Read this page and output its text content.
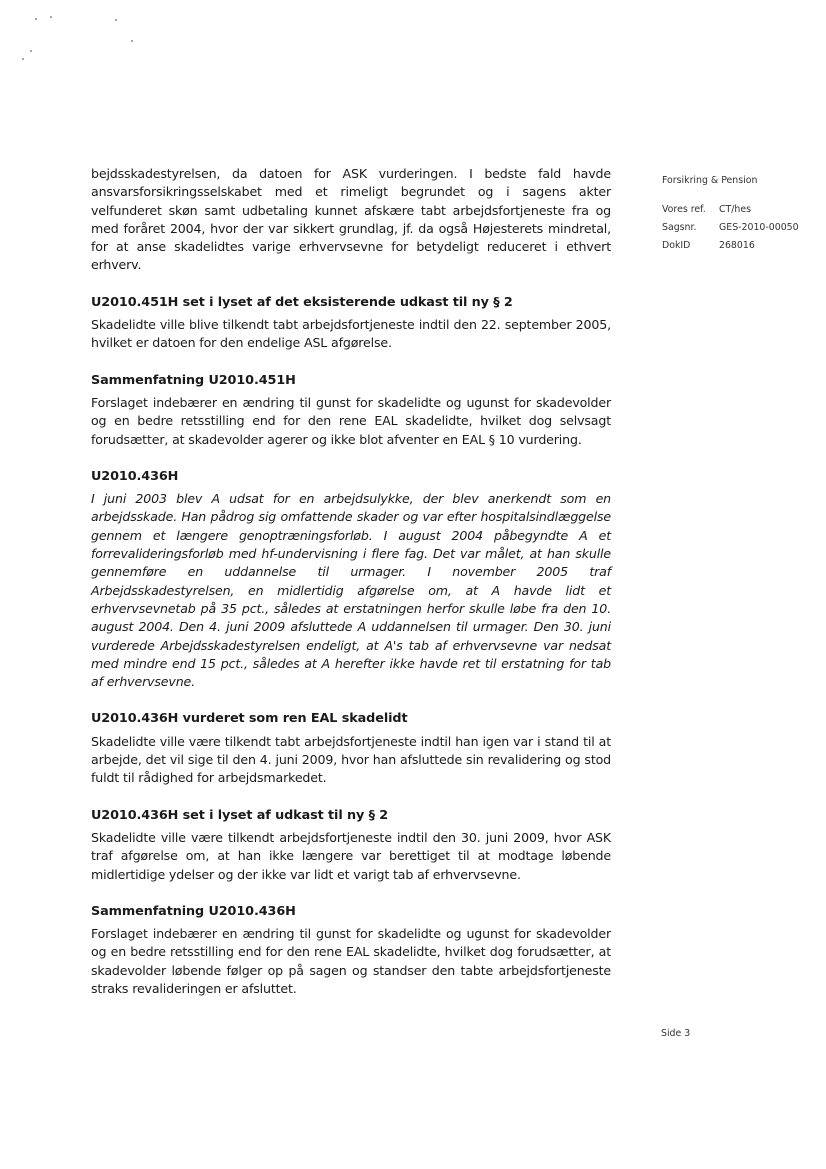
bejdsskadestyrelsen, da datoen for ASK vurderingen. I bedste fald havde ansvarsforsikringsselskabet med et rimeligt begrundet og i sagens akter velfunderet skøn samt udbetaling kunnet afskære tabt arbejdsfortjeneste fra og med foråret 2004, hvor der var sikkert grundlag, jf. da også Højesterets mindretal, for at anse skadelidtes varige erhvervsevne for betydeligt reduceret i ethvert erhverv.

U2010.451H set i lyset af det eksisterende udkast til ny § 2

Skadelidte ville blive tilkendt tabt arbejdsfortjeneste indtil den 22. september 2005, hvilket er datoen for den endelige ASL afgørelse.

Sammenfatning U2010.451H

Forslaget indebærer en ændring til gunst for skadelidte og ugunst for skadevolder og en bedre retsstilling end for den rene EAL skadelidte, hvilket dog selvsagt forudsætter, at skadevolder agerer og ikke blot afventer en EAL § 10 vurdering.

U2010.436H

I juni 2003 blev A udsat for en arbejdsulykke, der blev anerkendt som en arbejdsskade. Han pådrog sig omfattende skader og var efter hospitalsindlæggelse gennem et længere genoptræningsforløb. I august 2004 påbegyndte A et forrevalideringsforløb med hf-undervisning i flere fag. Det var målet, at han skulle gennemføre en uddannelse til urmager. I november 2005 traf Arbejdsskadestyrelsen, en midlertidig afgørelse om, at A havde lidt et erhvervsevnetab på 35 pct., således at erstatningen herfor skulle løbe fra den 10. august 2004. Den 4. juni 2009 afsluttede A uddannelsen til urmager. Den 30. juni vurderede Arbejdsskadestyrelsen endeligt, at A's tab af erhvervsevne var nedsat med mindre end 15 pct., således at A herefter ikke havde ret til erstatning for tab af erhvervsevne.

U2010.436H vurderet som ren EAL skadelidt

Skadelidte ville være tilkendt tabt arbejdsfortjeneste indtil han igen var i stand til at arbejde, det vil sige til den 4. juni 2009, hvor han afsluttede sin revalidering og stod fuldt til rådighed for arbejdsmarkedet.

U2010.436H set i lyset af udkast til ny § 2

Skadelidte ville være tilkendt arbejdsfortjeneste indtil den 30. juni 2009, hvor ASK traf afgørelse om, at han ikke længere var berettiget til at modtage løbende midlertidige ydelser og der ikke var lidt et varigt tab af erhvervsevne.

Sammenfatning U2010.436H

Forslaget indebærer en ændring til gunst for skadelidte og ugunst for skadevolder og en bedre retsstilling end for den rene EAL skadelidte, hvilket dog forudsætter, at skadevolder løbende følger op på sagen og standser den tabte arbejdsfortjeneste straks revalideringen er afsluttet.

Forsikring & Pension
Vores ref.	CT/hes
Sagsnr.	GES-2010-00050
DokID	268016
Side 3
